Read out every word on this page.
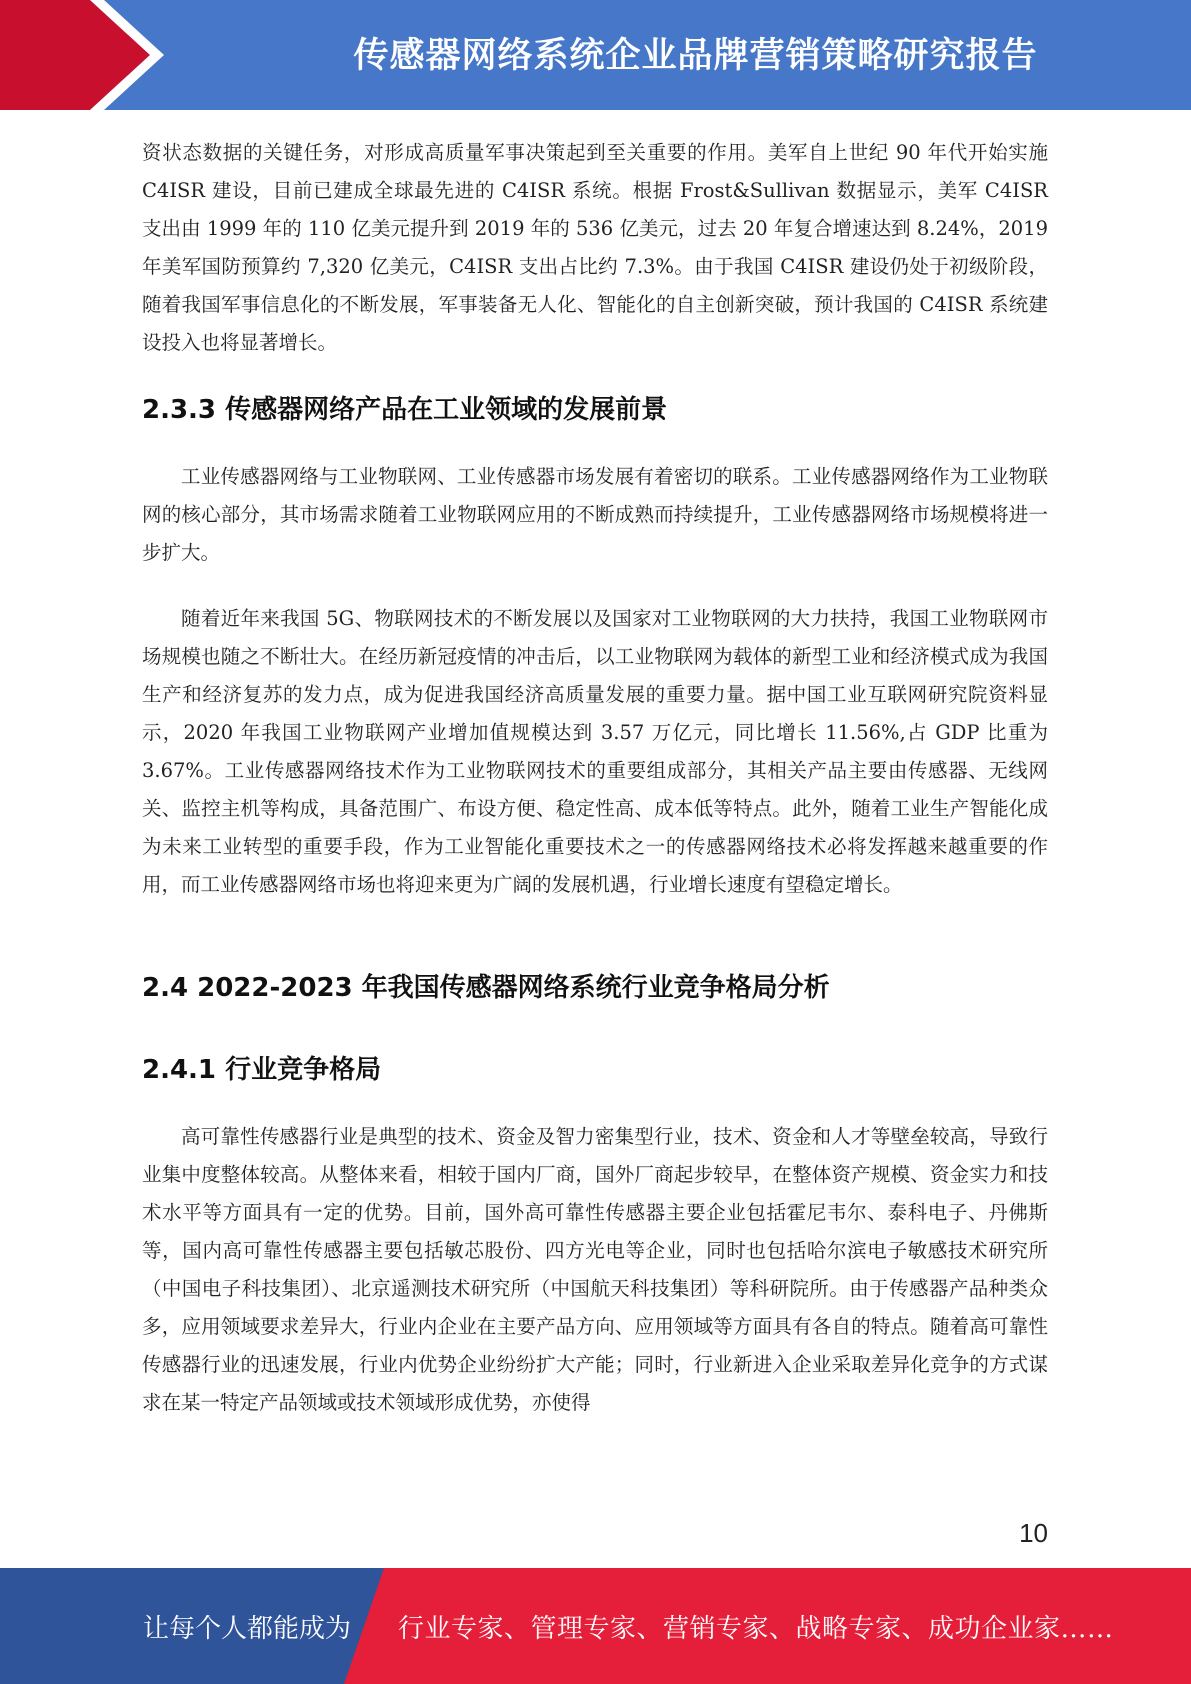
传感器网络系统企业品牌营销策略研究报告

资状态数据的关键任务，对形成高质量军事决策起到至关重要的作用。美军自上世纪 90 年代开始实施 C4ISR 建设，目前已建成全球最先进的 C4ISR 系统。根据 Frost&Sullivan 数据显示，美军 C4ISR 支出由 1999 年的 110 亿美元提升到 2019 年的 536 亿美元，过去 20 年复合增速达到 8.24%，2019 年美军国防预算约 7,320 亿美元，C4ISR 支出占比约 7.3%。由于我国 C4ISR 建设仍处于初级阶段，随着我国军事信息化的不断发展，军事装备无人化、智能化的自主创新突破，预计我国的 C4ISR 系统建设投入也将显著增长。

2.3.3 传感器网络产品在工业领域的发展前景

工业传感器网络与工业物联网、工业传感器市场发展有着密切的联系。工业传感器网络作为工业物联网的核心部分，其市场需求随着工业物联网应用的不断成熟而持续提升，工业传感器网络市场规模将进一步扩大。

随着近年来我国 5G、物联网技术的不断发展以及国家对工业物联网的大力扶持，我国工业物联网市场规模也随之不断壮大。在经历新冠疫情的冲击后，以工业物联网为载体的新型工业和经济模式成为我国生产和经济复苏的发力点，成为促进我国经济高质量发展的重要力量。据中国工业互联网研究院资料显示，2020 年我国工业物联网产业增加值规模达到 3.57 万亿元，同比增长 11.56%,占 GDP 比重为 3.67%。工业传感器网络技术作为工业物联网技术的重要组成部分，其相关产品主要由传感器、无线网关、监控主机等构成，具备范围广、布设方便、稳定性高、成本低等特点。此外，随着工业生产智能化成为未来工业转型的重要手段，作为工业智能化重要技术之一的传感器网络技术必将发挥越来越重要的作用，而工业传感器网络市场也将迎来更为广阔的发展机遇，行业增长速度有望稳定增长。

2.4 2022-2023 年我国传感器网络系统行业竞争格局分析
2.4.1 行业竞争格局

高可靠性传感器行业是典型的技术、资金及智力密集型行业，技术、资金和人才等壁垒较高，导致行业集中度整体较高。从整体来看，相较于国内厂商，国外厂商起步较早，在整体资产规模、资金实力和技术水平等方面具有一定的优势。目前，国外高可靠性传感器主要企业包括霍尼韦尔、泰科电子、丹佛斯等，国内高可靠性传感器主要包括敏芯股份、四方光电等企业，同时也包括哈尔滨电子敏感技术研究所（中国电子科技集团）、北京遥测技术研究所（中国航天科技集团）等科研院所。由于传感器产品种类众多，应用领域要求差异大，行业内企业在主要产品方向、应用领域等方面具有各自的特点。随着高可靠性传感器行业的迅速发展，行业内优势企业纷纷扩大产能；同时，行业新进入企业采取差异化竞争的方式谋求在某一特定产品领域或技术领域形成优势，亦使得

10
让每个人都能成为 行业专家、管理专家、营销专家、战略专家、成功企业家……
